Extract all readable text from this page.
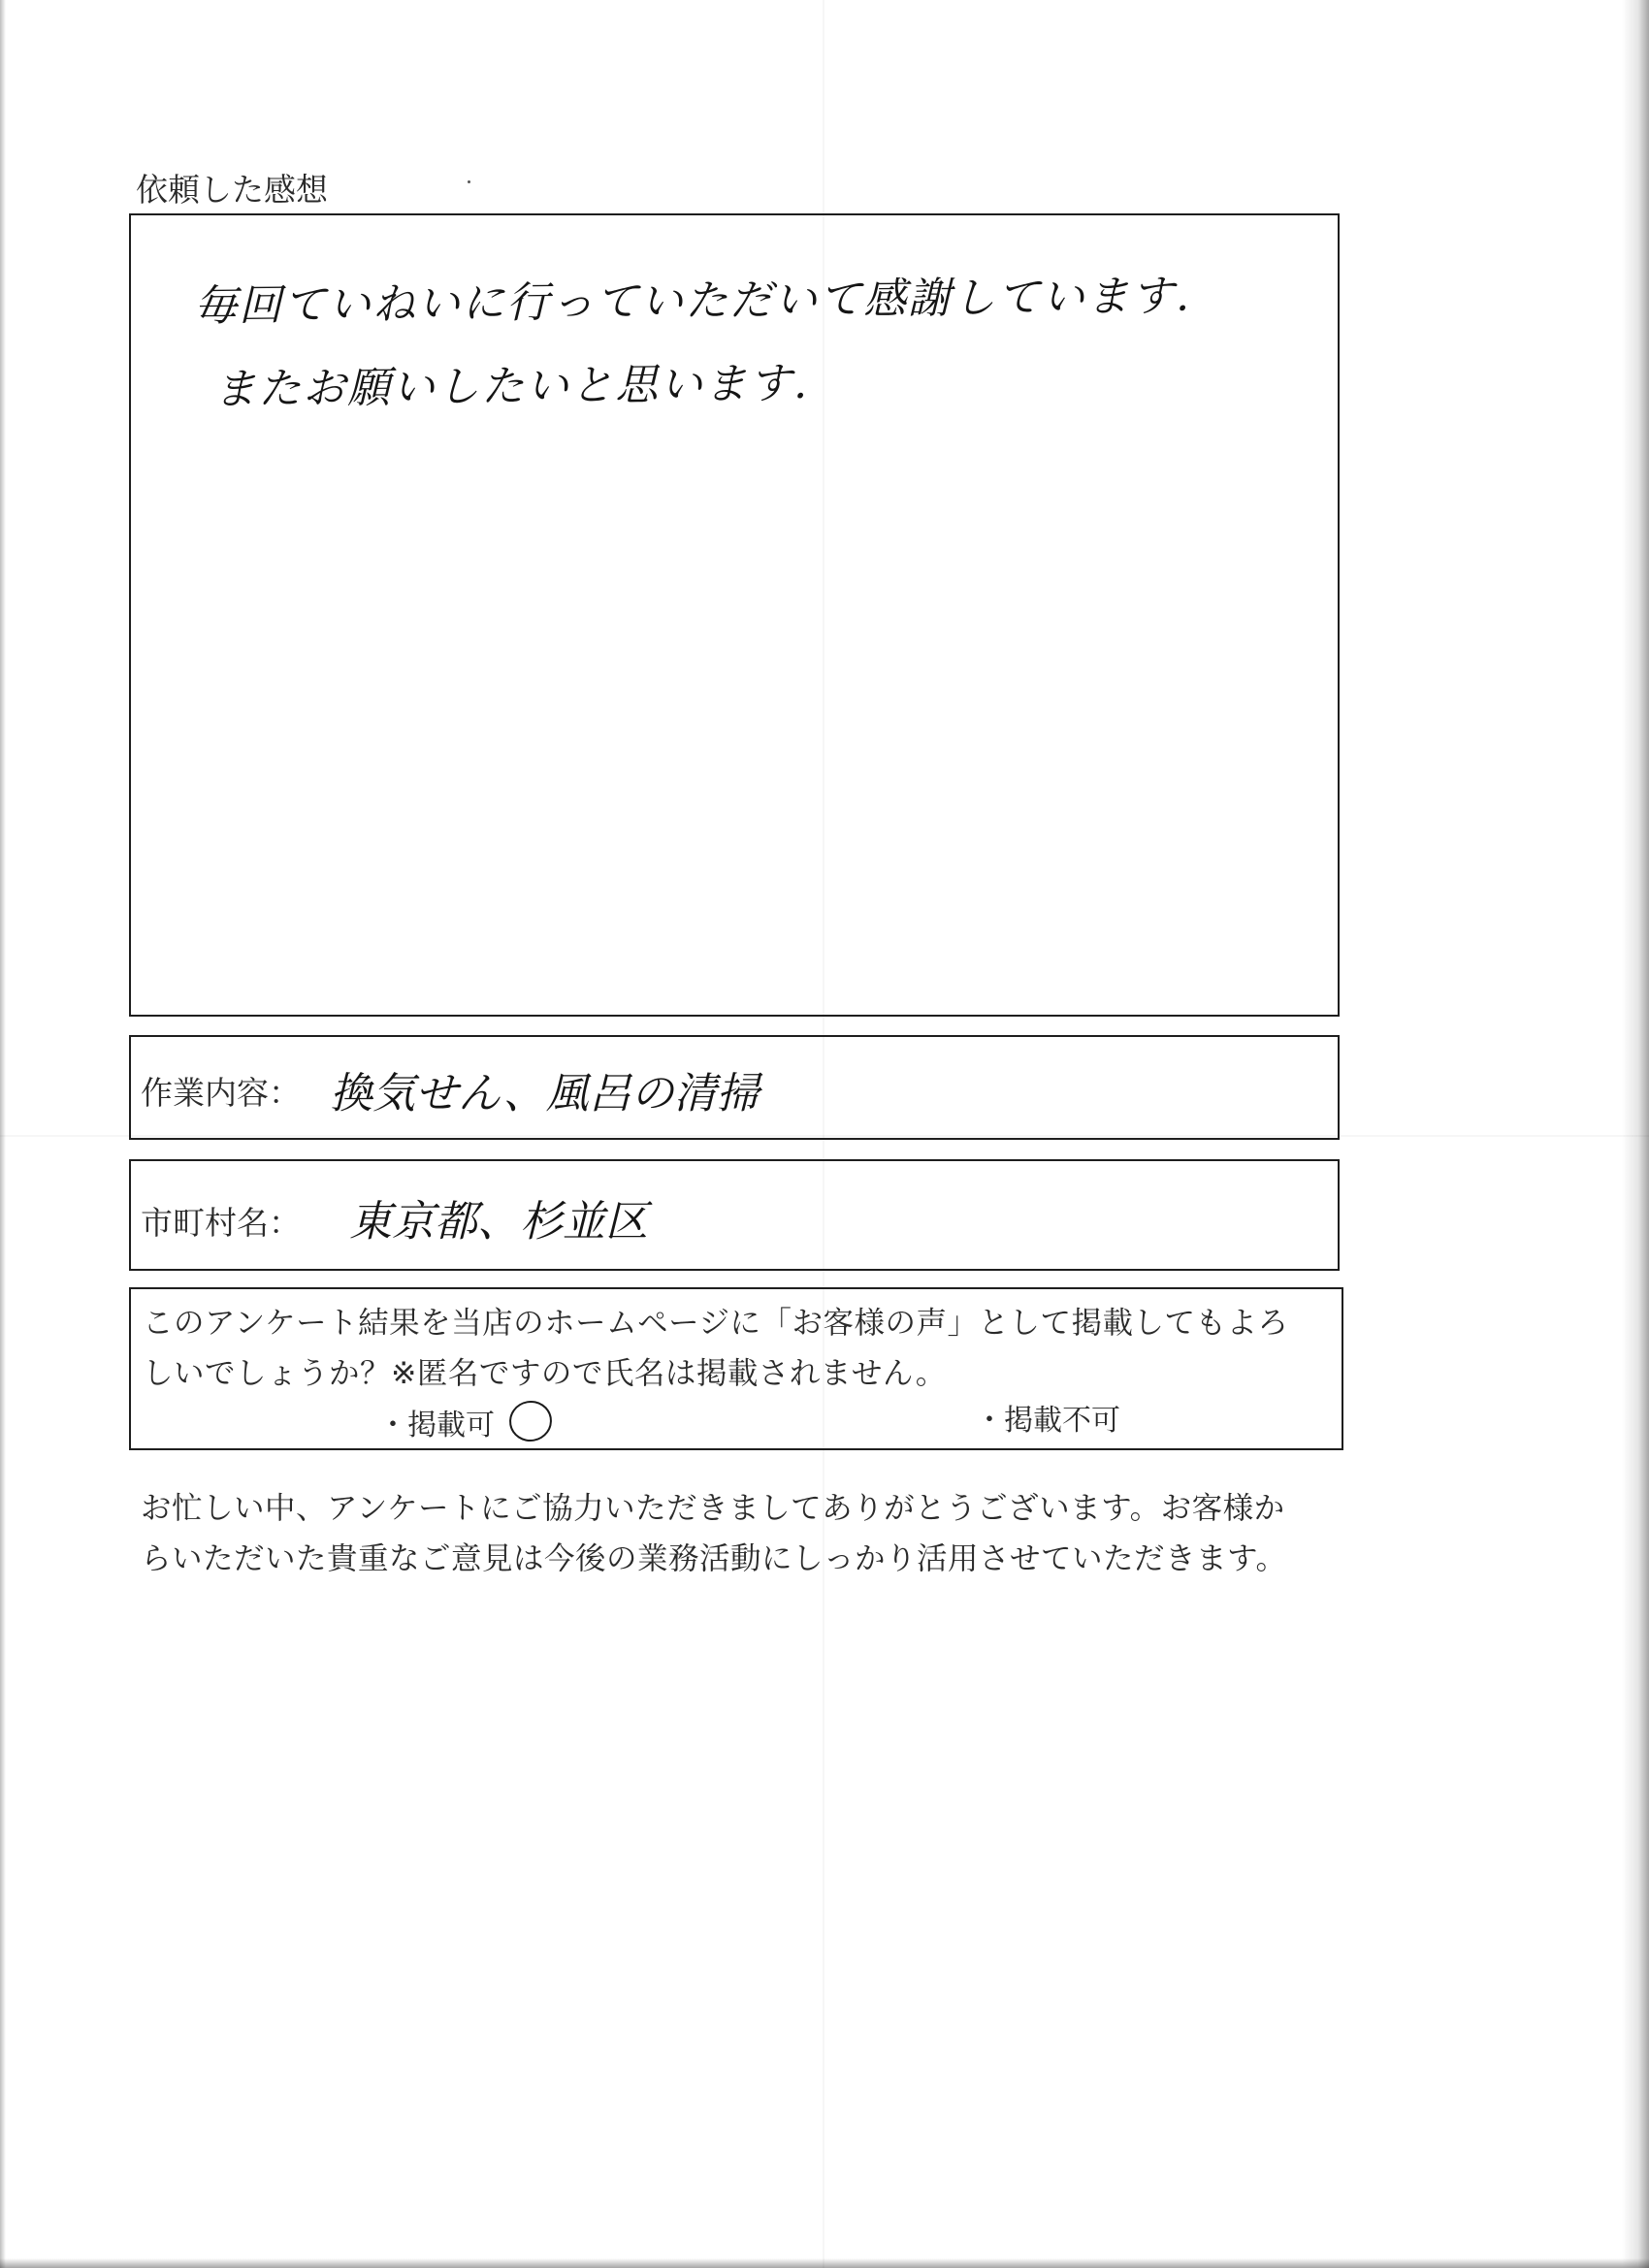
依頼した感想
毎回ていねいに行っていただいて感謝しています.
またお願いしたいと思います.
作業内容： 換気せん、風呂の清掃
市町村名： 東京都、杉並区
このアンケート結果を当店のホームページに「お客様の声」として掲載してもよろ
しいでしょうか？※匿名ですので氏名は掲載されません。
・掲載可	・掲載不可
お忙しい中、アンケートにご協力いただきましてありがとうございます。お客様か
らいただいた貴重なご意見は今後の業務活動にしっかり活用させていただきます。
